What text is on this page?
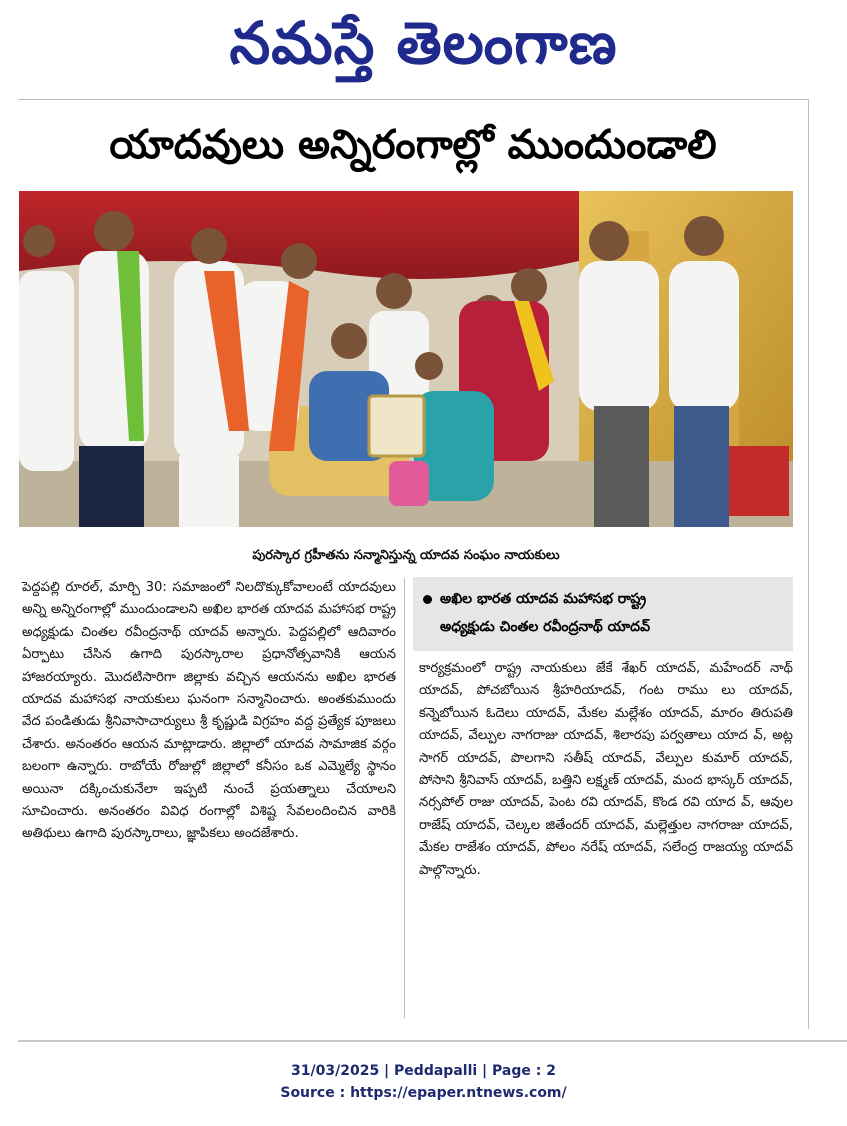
నమస్తే తెలంగాణ
యాదవులు అన్నిరంగాల్లో ముందుండాలి
పురస్కార గ్రహీతను సన్మానిస్తున్న యాదవ సంఘం నాయకులు

పెద్దపల్లి రూరల్, మార్చి 30: సమాజంలో నిలదొక్కుకోవాలంటే యాదవులు అన్ని అన్నిరంగాల్లో ముందుండాలని అఖిల భారత యాదవ మహాసభ రాష్ట్ర అధ్యక్షుడు చింతల రవీంద్రనాథ్ యాదవ్ అన్నారు. పెద్దపల్లిలో ఆదివారం ఏర్పాటు చేసిన ఉగాది పురస్కారాల ప్రధానోత్సవానికి ఆయన హాజరయ్యారు. మొదటిసారిగా జిల్లాకు వచ్చిన ఆయనను అఖిల భారత యాదవ మహాసభ నాయకులు ఘనంగా సన్మానించారు. అంతకుముందు వేద పండితుడు శ్రీనివాసాచార్యులు శ్రీ కృష్ణుడి విగ్రహం వద్ద ప్రత్యేక పూజలు చేశారు. అనంతరం ఆయన మాట్లాడారు. జిల్లాలో యాదవ సామాజిక వర్గం బలంగా ఉన్నారు. రాబోయే రోజుల్లో జిల్లాలో కనీసం ఒక ఎమ్మెల్యే స్థానం అయినా దక్కించుకునేలా ఇప్పటి నుంచే ప్రయత్నాలు చేయాలని సూచించారు. అనంతరం వివిధ రంగాల్లో విశిష్ట సేవలందించిన వారికి అతిథులు ఉగాది పురస్కారాలు, జ్ఞాపికలు అందజేశారు.

అఖిల భారత యాదవ మహాసభ రాష్ట్ర
అధ్యక్షుడు చింతల రవీంద్రనాథ్ యాదవ్

కార్యక్రమంలో రాష్ట్ర నాయకులు జేకే శేఖర్ యాదవ్, మహేందర్ నాథ్ యాదవ్, పోచబోయిన శ్రీహరియాదవ్, గంట రాము లు యాదవ్, కన్నెబోయిన ఓదెలు యాదవ్, మేకల మల్లేశం యాదవ్, మారం తిరుపతి యాదవ్, వేల్పుల నాగరాజు యాదవ్, శిలారపు పర్వతాలు యాద వ్, అట్ల సాగర్ యాదవ్, పొలగాని సతీష్ యాదవ్, వేల్పుల కుమార్ యాదవ్, పోసాని శ్రీనివాస్ యాదవ్, బత్తిని లక్ష్మణ్ యాదవ్, మంద భాస్కర్ యాదవ్, నర్సపోల్ రాజు యాదవ్, పెంట రవి యాదవ్, కొండ రవి యాద వ్, ఆవుల రాజేష్ యాదవ్, చెల్కల జితేందర్ యాదవ్, మల్లెత్తుల నాగరాజు యాదవ్, మేకల రాజేశం యాదవ్, పోలం నరేష్ యాదవ్, సలేంద్ర రాజయ్య యాదవ్ పాల్గొన్నారు.

31/03/2025 | Peddapalli | Page : 2
Source : https://epaper.ntnews.com/
